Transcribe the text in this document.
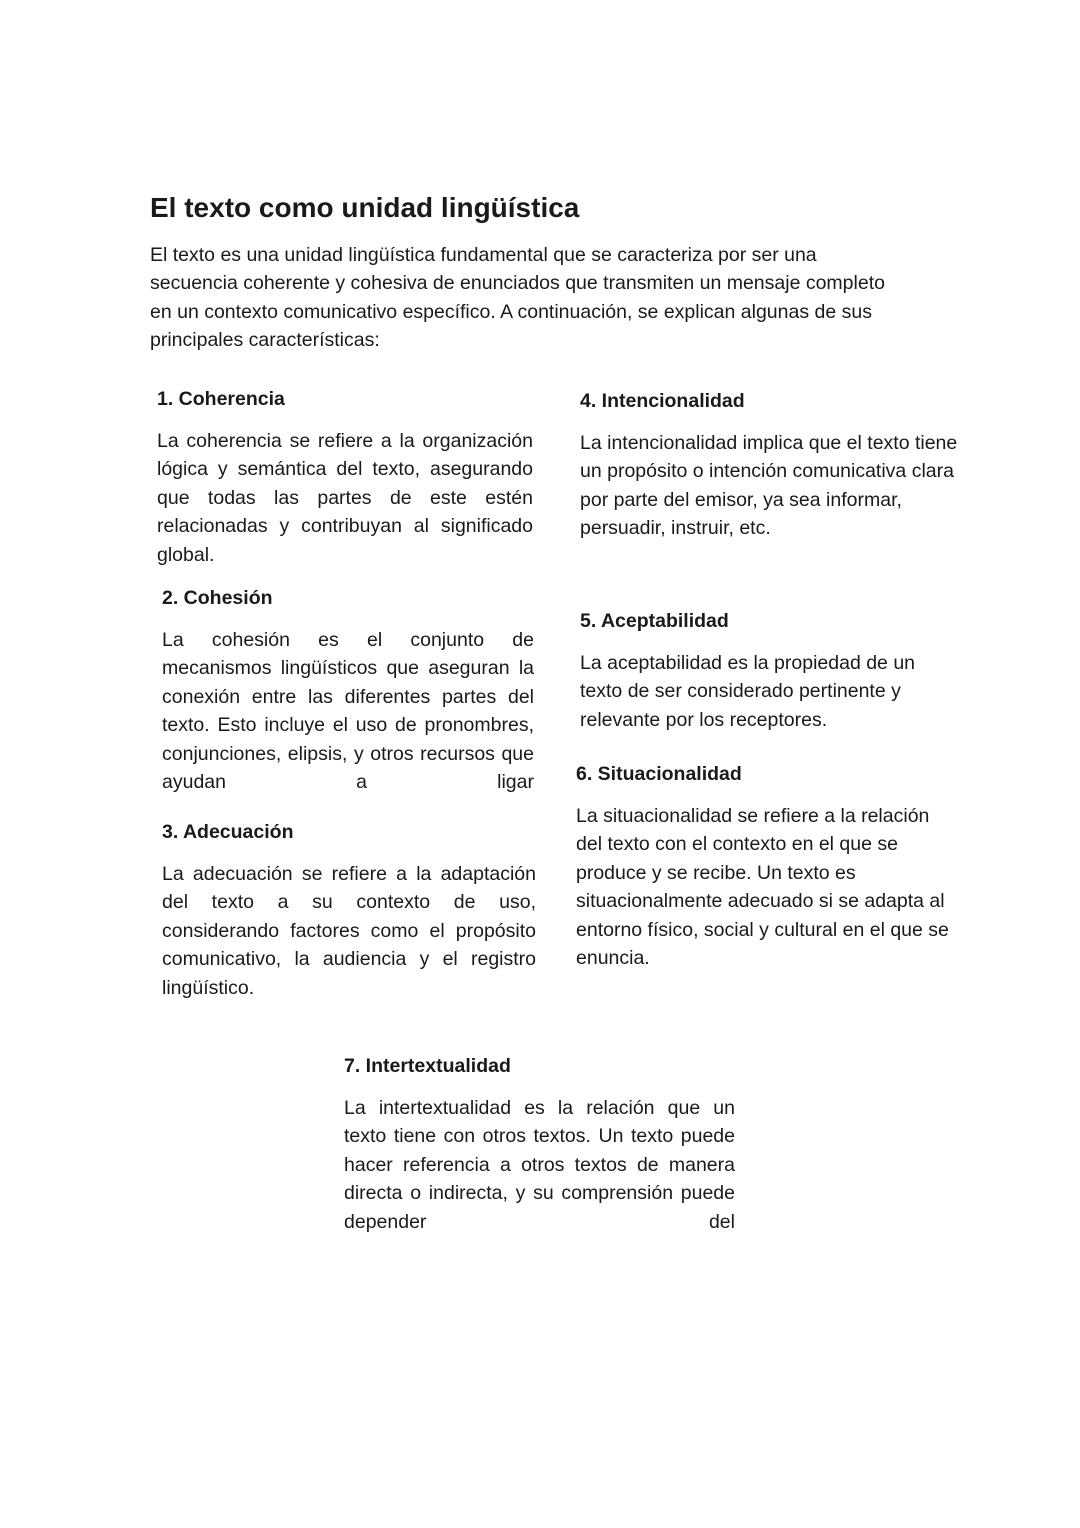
El texto como unidad lingüística

El texto es una unidad lingüística fundamental que se caracteriza por ser una secuencia coherente y cohesiva de enunciados que transmiten un mensaje completo en un contexto comunicativo específico. A continuación, se explican algunas de sus principales características:

1. Coherencia

La coherencia se refiere a la organización lógica y semántica del texto, asegurando que todas las partes de este estén relacionadas y contribuyan al significado global.

2. Cohesión

La cohesión es el conjunto de mecanismos lingüísticos que aseguran la conexión entre las diferentes partes del texto. Esto incluye el uso de pronombres, conjunciones, elipsis, y otros recursos que ayudan a ligar

3. Adecuación

La adecuación se refiere a la adaptación del texto a su contexto de uso, considerando factores como el propósito comunicativo, la audiencia y el registro lingüístico.

4. Intencionalidad

La intencionalidad implica que el texto tiene un propósito o intención comunicativa clara por parte del emisor, ya sea informar, persuadir, instruir, etc.

5. Aceptabilidad

La aceptabilidad es la propiedad de un texto de ser considerado pertinente y relevante por los receptores.

6. Situacionalidad

La situacionalidad se refiere a la relación del texto con el contexto en el que se produce y se recibe. Un texto es situacionalmente adecuado si se adapta al entorno físico, social y cultural en el que se enuncia.

7. Intertextualidad

La intertextualidad es la relación que un texto tiene con otros textos. Un texto puede hacer referencia a otros textos de manera directa o indirecta, y su comprensión puede depender del
